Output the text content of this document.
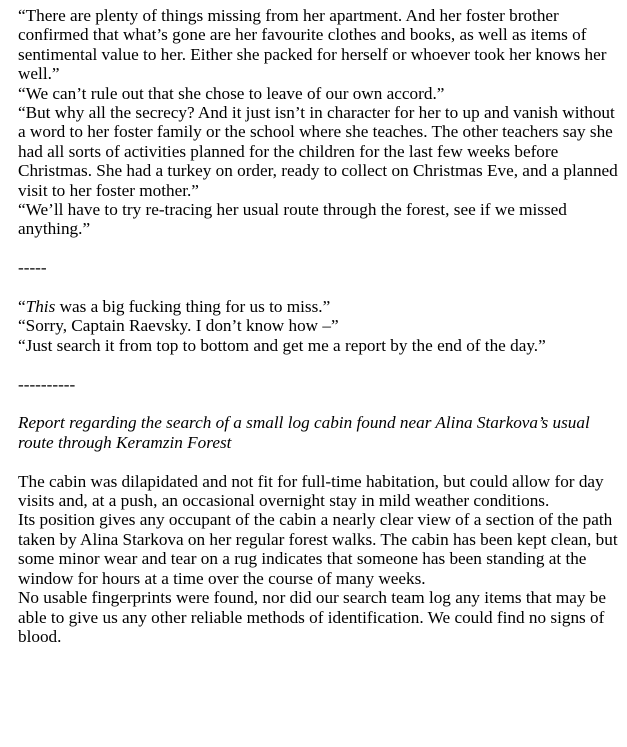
“There are plenty of things missing from her apartment. And her foster brother confirmed that what’s gone are her favourite clothes and books, as well as items of sentimental value to her. Either she packed for herself or whoever took her knows her well.”

“We can’t rule out that she chose to leave of our own accord.”

“But why all the secrecy? And it just isn’t in character for her to up and vanish without a word to her foster family or the school where she teaches. The other teachers say she had all sorts of activities planned for the children for the last few weeks before Christmas. She had a turkey on order, ready to collect on Christmas Eve, and a planned visit to her foster mother.”

“We’ll have to try re-tracing her usual route through the forest, see if we missed anything.”

-----

“This was a big fucking thing for us to miss.”

“Sorry, Captain Raevsky. I don’t know how –”

“Just search it from top to bottom and get me a report by the end of the day.”

----------

Report regarding the search of a small log cabin found near Alina Starkova’s usual route through Keramzin Forest

The cabin was dilapidated and not fit for full-time habitation, but could allow for day visits and, at a push, an occasional overnight stay in mild weather conditions.

Its position gives any occupant of the cabin a nearly clear view of a section of the path taken by Alina Starkova on her regular forest walks. The cabin has been kept clean, but some minor wear and tear on a rug indicates that someone has been standing at the window for hours at a time over the course of many weeks.

No usable fingerprints were found, nor did our search team log any items that may be able to give us any other reliable methods of identification. We could find no signs of blood.
